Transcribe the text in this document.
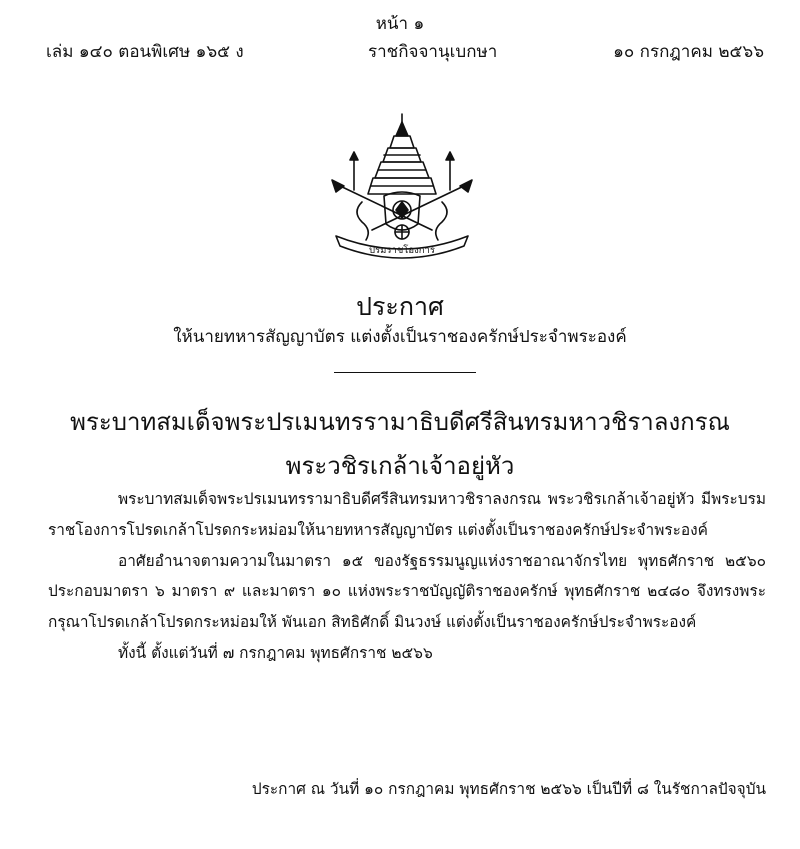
หน้า ๑
เล่ม ๑๔๐ ตอนพิเศษ ๑๖๕ ง	ราชกิจจานุเบกษา	๑๐ กรกฎาคม ๒๕๖๖
ปรมราชโองการ
ประกาศ
ให้นายทหารสัญญาบัตร แต่งตั้งเป็นราชองครักษ์ประจำพระองค์
พระบาทสมเด็จพระปรเมนทรรามาธิบดีศรีสินทรมหาวชิราลงกรณ
พระวชิรเกล้าเจ้าอยู่หัว

พระบาทสมเด็จพระปรเมนทรรามาธิบดีศรีสินทรมหาวชิราลงกรณ พระวชิรเกล้าเจ้าอยู่หัว มีพระบรมราชโองการโปรดเกล้าโปรดกระหม่อมให้นายทหารสัญญาบัตร แต่งตั้งเป็นราชองครักษ์ประจำพระองค์

อาศัยอำนาจตามความในมาตรา ๑๕ ของรัฐธรรมนูญแห่งราชอาณาจักรไทย พุทธศักราช ๒๕๖๐ ประกอบมาตรา ๖ มาตรา ๙ และมาตรา ๑๐ แห่งพระราชบัญญัติราชองครักษ์ พุทธศักราช ๒๔๘๐ จึงทรงพระกรุณาโปรดเกล้าโปรดกระหม่อมให้ พันเอก สิทธิศักดิ์ มินวงษ์ แต่งตั้งเป็นราชองครักษ์ประจำพระองค์

ทั้งนี้ ตั้งแต่วันที่ ๗ กรกฎาคม พุทธศักราช ๒๕๖๖

ประกาศ ณ วันที่ ๑๐ กรกฎาคม พุทธศักราช ๒๕๖๖ เป็นปีที่ ๘ ในรัชกาลปัจจุบัน
